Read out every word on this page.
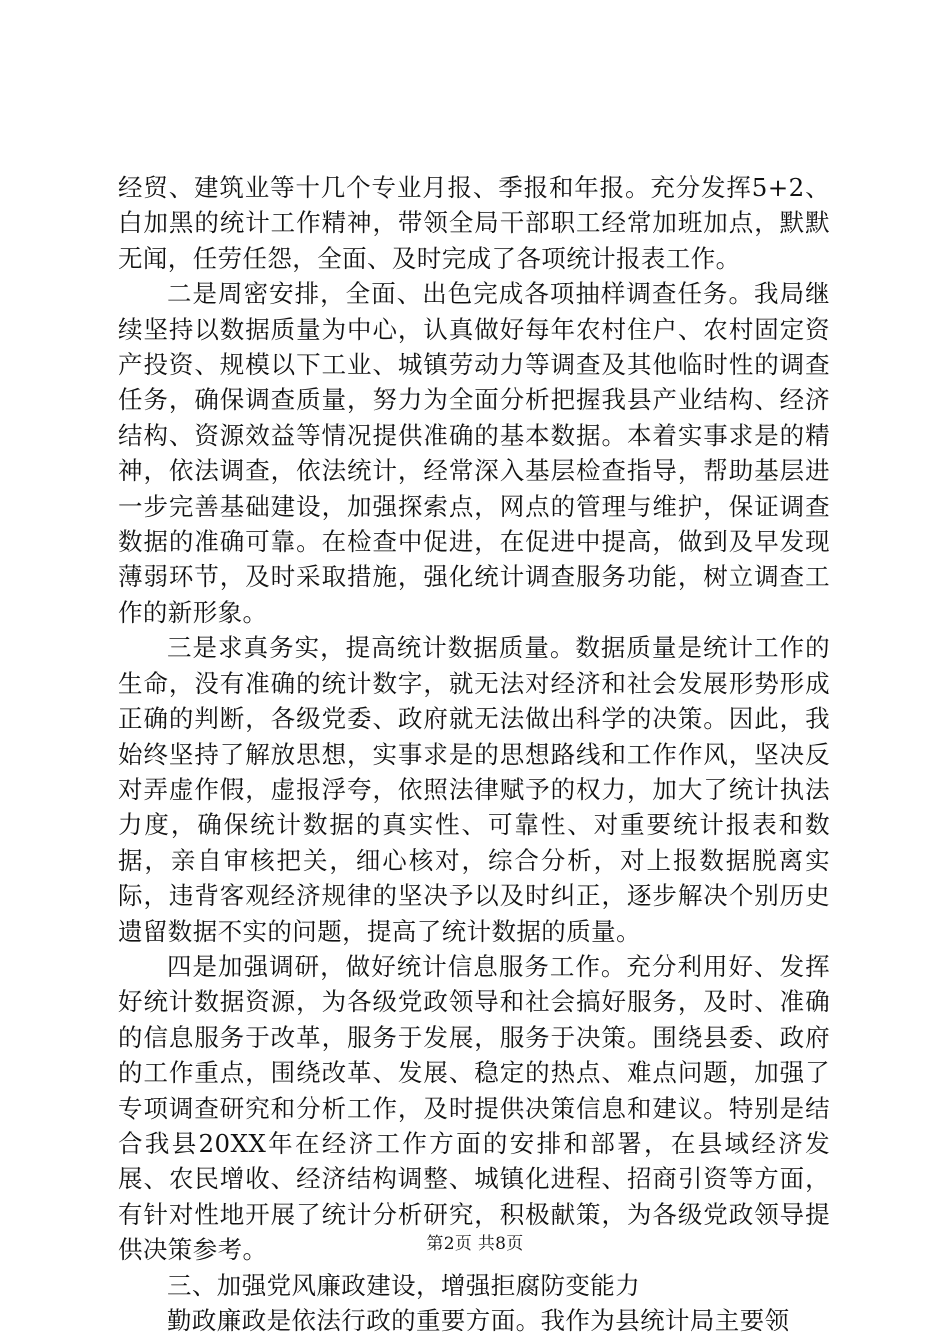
经贸、建筑业等十几个专业月报、季报和年报。充分发挥5+2、白加黑的统计工作精神，带领全局干部职工经常加班加点，默默无闻，任劳任怨，全面、及时完成了各项统计报表工作。

二是周密安排，全面、出色完成各项抽样调查任务。我局继续坚持以数据质量为中心，认真做好每年农村住户、农村固定资产投资、规模以下工业、城镇劳动力等调查及其他临时性的调查任务，确保调查质量，努力为全面分析把握我县产业结构、经济结构、资源效益等情况提供准确的基本数据。本着实事求是的精神，依法调查，依法统计，经常深入基层检查指导，帮助基层进一步完善基础建设，加强探索点，网点的管理与维护，保证调查数据的准确可靠。在检查中促进，在促进中提高，做到及早发现薄弱环节，及时采取措施，强化统计调查服务功能，树立调查工作的新形象。

三是求真务实，提高统计数据质量。数据质量是统计工作的生命，没有准确的统计数字，就无法对经济和社会发展形势形成正确的判断，各级党委、政府就无法做出科学的决策。因此，我始终坚持了解放思想，实事求是的思想路线和工作作风，坚决反对弄虚作假，虚报浮夸，依照法律赋予的权力，加大了统计执法力度，确保统计数据的真实性、可靠性、对重要统计报表和数据，亲自审核把关，细心核对，综合分析，对上报数据脱离实际，违背客观经济规律的坚决予以及时纠正，逐步解决个别历史遗留数据不实的问题，提高了统计数据的质量。

四是加强调研，做好统计信息服务工作。充分利用好、发挥好统计数据资源，为各级党政领导和社会搞好服务，及时、准确的信息服务于改革，服务于发展，服务于决策。围绕县委、政府的工作重点，围绕改革、发展、稳定的热点、难点问题，加强了专项调查研究和分析工作，及时提供决策信息和建议。特别是结合我县20XX年在经济工作方面的安排和部署，在县域经济发展、农民增收、经济结构调整、城镇化进程、招商引资等方面，有针对性地开展了统计分析研究，积极献策，为各级党政领导提供决策参考。

三、加强党风廉政建设，增强拒腐防变能力

勤政廉政是依法行政的重要方面。我作为县统计局主要领

第2页 共8页
